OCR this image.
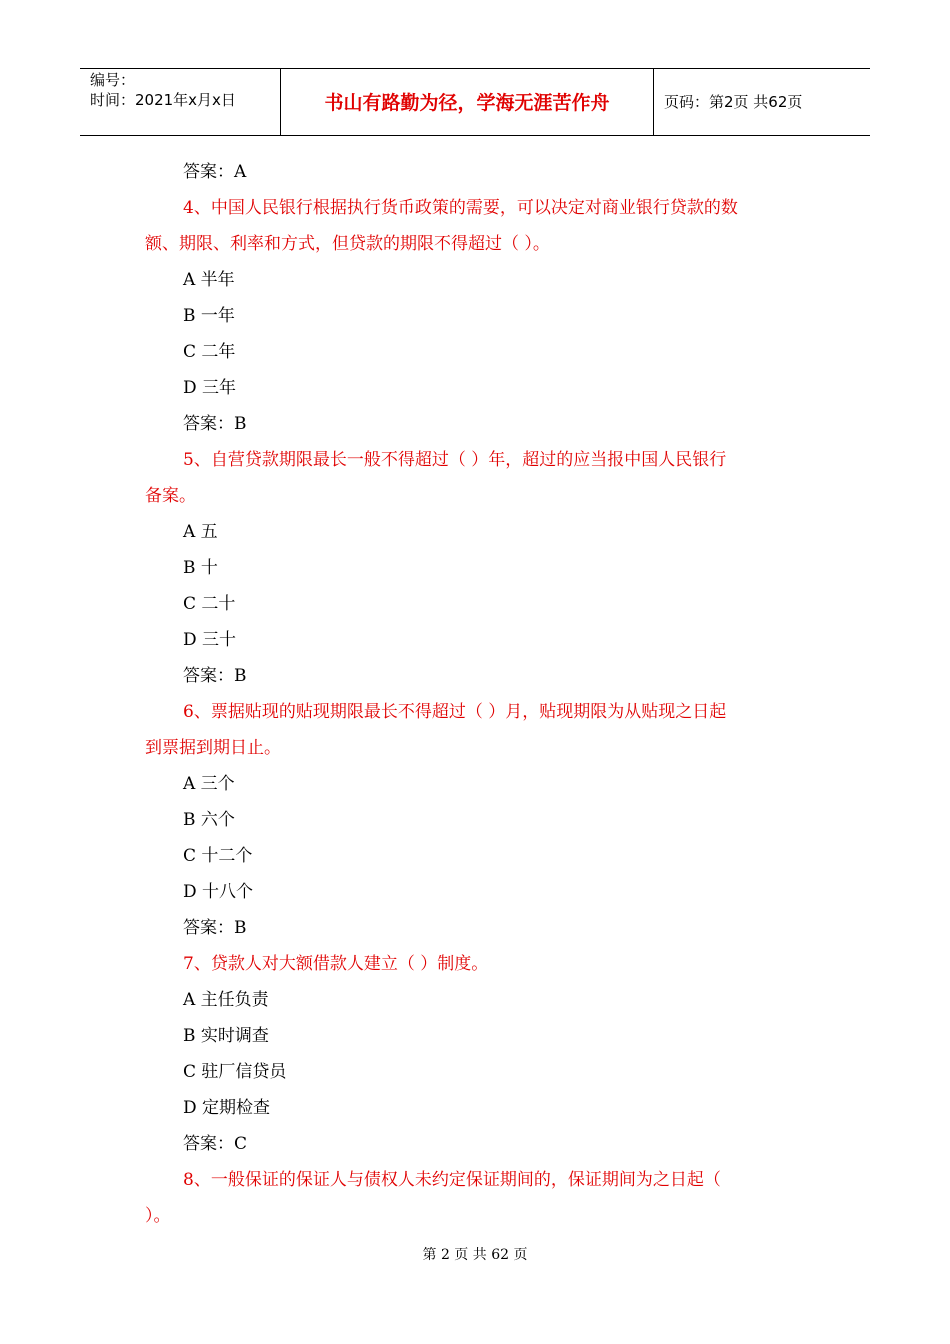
编号：
时间：2021年x月x日	书山有路勤为径，学海无涯苦作舟	页码：第2页 共62页
答案：A
4、中国人民银行根据执行货币政策的需要，可以决定对商业银行贷款的数
额、期限、利率和方式，但贷款的期限不得超过（ ）。
A 半年
B 一年
C 二年
D 三年
答案：B
5、自营贷款期限最长一般不得超过（ ）年，超过的应当报中国人民银行
备案。
A 五
B 十
C 二十
D 三十
答案：B
6、票据贴现的贴现期限最长不得超过（ ）月，贴现期限为从贴现之日起
到票据到期日止。
A 三个
B 六个
C 十二个
D 十八个
答案：B
7、贷款人对大额借款人建立（ ）制度。
A 主任负责
B 实时调查
C 驻厂信贷员
D 定期检查
答案：C
8、一般保证的保证人与债权人未约定保证期间的，保证期间为之日起（
）。
第 2 页 共 62 页
